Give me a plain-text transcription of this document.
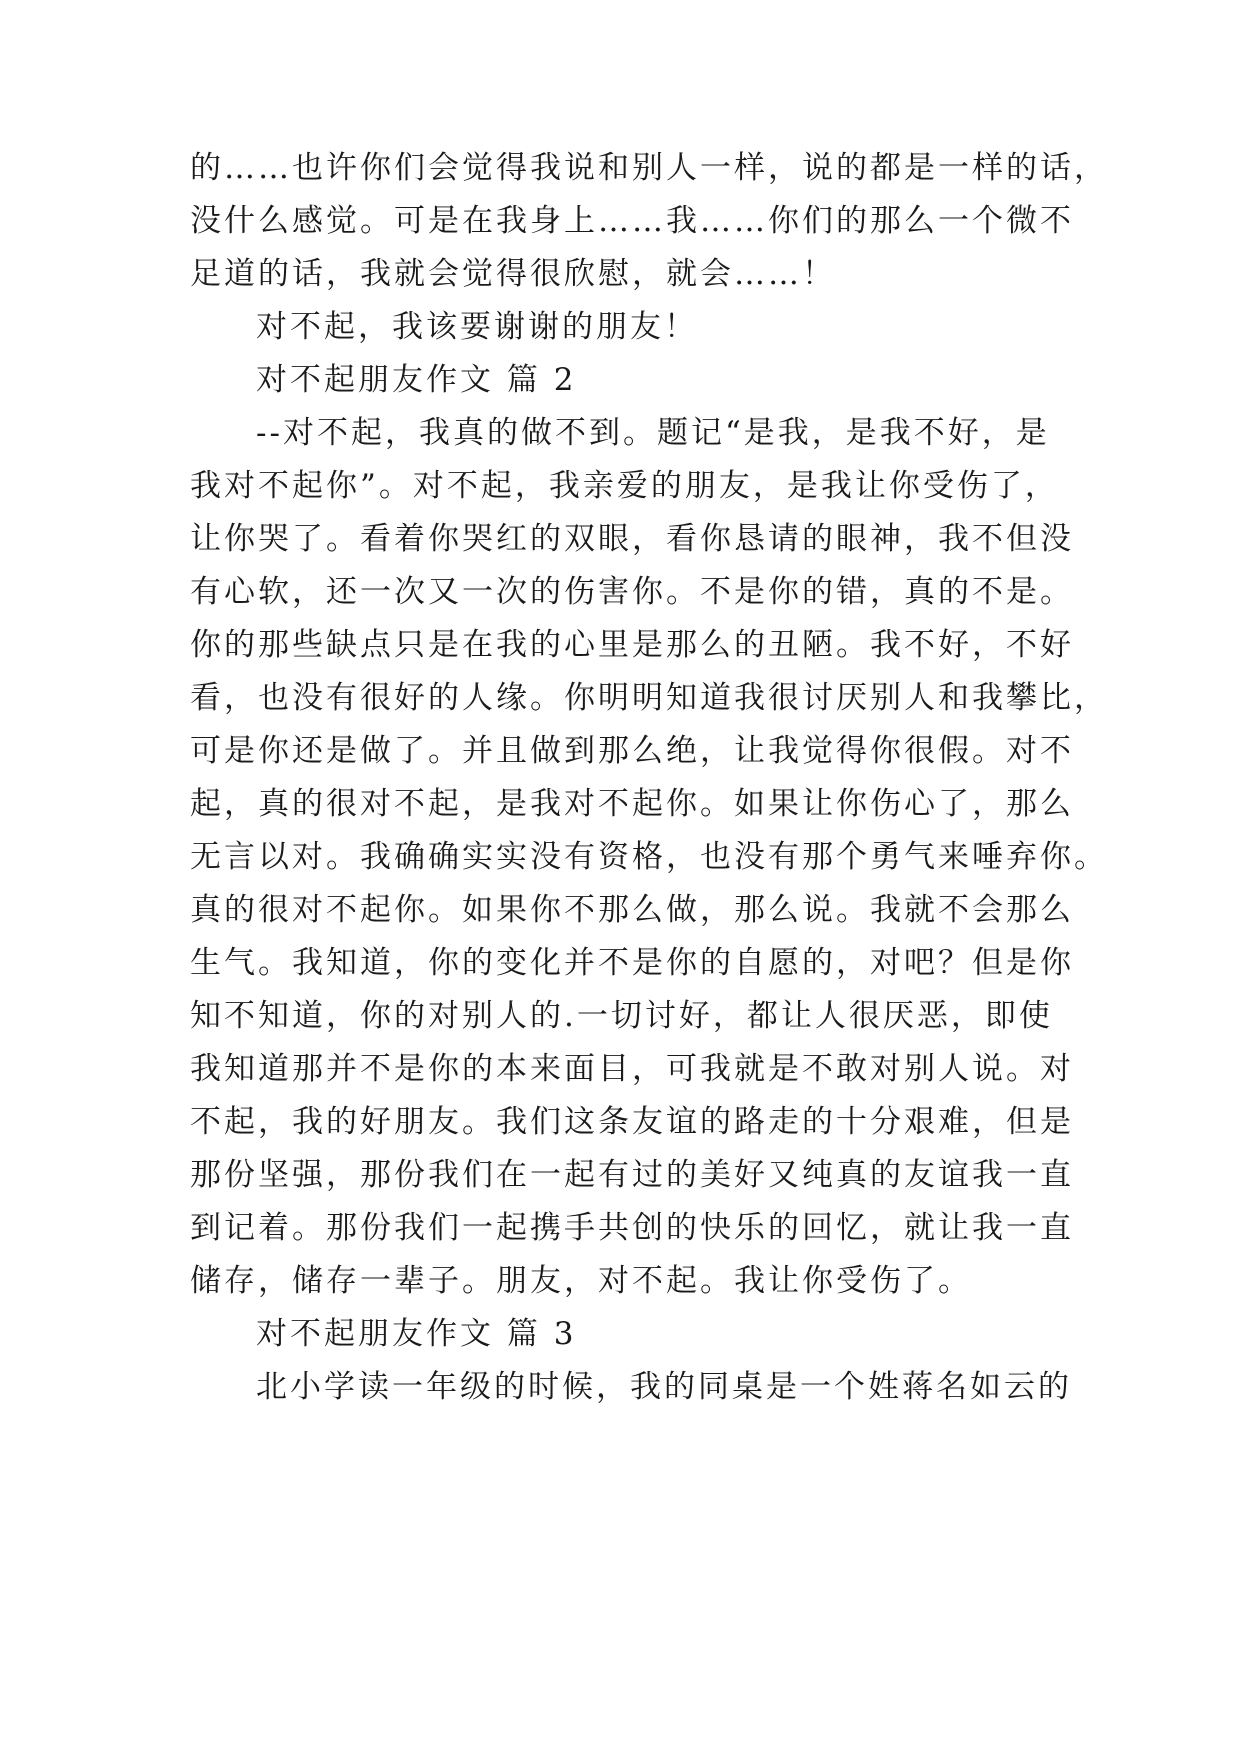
的……也许你们会觉得我说和别人一样，说的都是一样的话，
没什么感觉。可是在我身上……我……你们的那么一个微不
足道的话，我就会觉得很欣慰，就会……！
对不起，我该要谢谢的朋友！
对不起朋友作文 篇 2
--对不起，我真的做不到。题记“是我，是我不好，是
我对不起你”。对不起，我亲爱的朋友，是我让你受伤了，
让你哭了。看着你哭红的双眼，看你恳请的眼神，我不但没
有心软，还一次又一次的伤害你。不是你的错，真的不是。
你的那些缺点只是在我的心里是那么的丑陋。我不好，不好
看，也没有很好的人缘。你明明知道我很讨厌别人和我攀比，
可是你还是做了。并且做到那么绝，让我觉得你很假。对不
起，真的很对不起，是我对不起你。如果让你伤心了，那么
无言以对。我确确实实没有资格，也没有那个勇气来唾弃你。
真的很对不起你。如果你不那么做，那么说。我就不会那么
生气。我知道，你的变化并不是你的自愿的，对吧？但是你
知不知道，你的对别人的.一切讨好，都让人很厌恶，即使
我知道那并不是你的本来面目，可我就是不敢对别人说。对
不起，我的好朋友。我们这条友谊的路走的十分艰难，但是
那份坚强，那份我们在一起有过的美好又纯真的友谊我一直
到记着。那份我们一起携手共创的快乐的回忆，就让我一直
储存，储存一辈子。朋友，对不起。我让你受伤了。
对不起朋友作文 篇 3
北小学读一年级的时候，我的同桌是一个姓蒋名如云的
